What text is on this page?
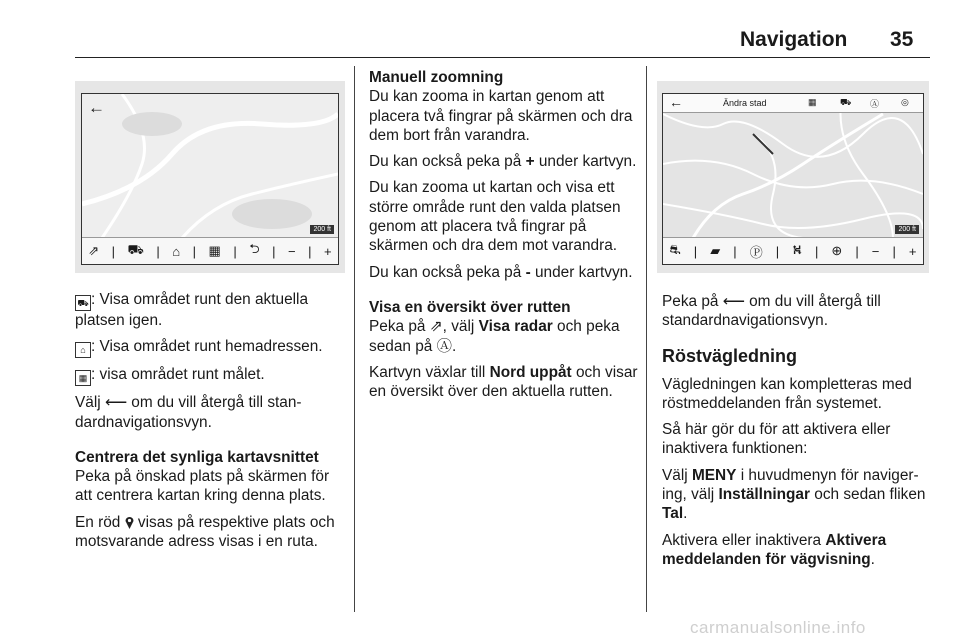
Navigation 35
←
200 ft
⇗ | ⛟ | ⌂ | ▦ | ⮌ | − | +

⛟ : Visa området runt den aktuella platsen igen.

⌂ : Visa området runt hemadressen.

▦ : visa området runt målet.

Välj ⟵ om du vill återgå till stan- dardnavigationsvyn.

Centrera det synliga kartavsnittet

Peka på önskad plats på skärmen för att centrera kartan kring denna plats.

En röd  visas på respektive plats och motsvarande adress visas i en ruta.

Manuell zoomning

Du kan zooma in kartan genom att placera två fingrar på skärmen och dra dem bort från varandra.

Du kan också peka på + under kartvyn.

Du kan zooma ut kartan och visa ett större område runt den valda platsen genom att placera två fingrar på skärmen och dra dem mot varandra.

Du kan också peka på - under kartvyn.

Visa en översikt över rutten

Peka på ⇗, välj Visa radar och peka sedan på Ⓐ.

Kartvyn växlar till Nord uppåt och visar en översikt över den aktuella rutten.

←	Ändra stad	▦	⛟ Ⓐ ◎
200 ft
⛐ | ▰ | Ⓟ | ⛕ | ⊕ | − | +

Peka på ⟵ om du vill återgå till standardnavigationsvyn.

Röstvägledning

Vägledningen kan kompletteras med röstmeddelanden från systemet.

Så här gör du för att aktivera eller inaktivera funktionen:

Välj MENY i huvudmenyn för naviger- ing, välj Inställningar och sedan fliken Tal.

Aktivera eller inaktivera Aktivera meddelanden för vägvisning.

carmanualsonline.info
